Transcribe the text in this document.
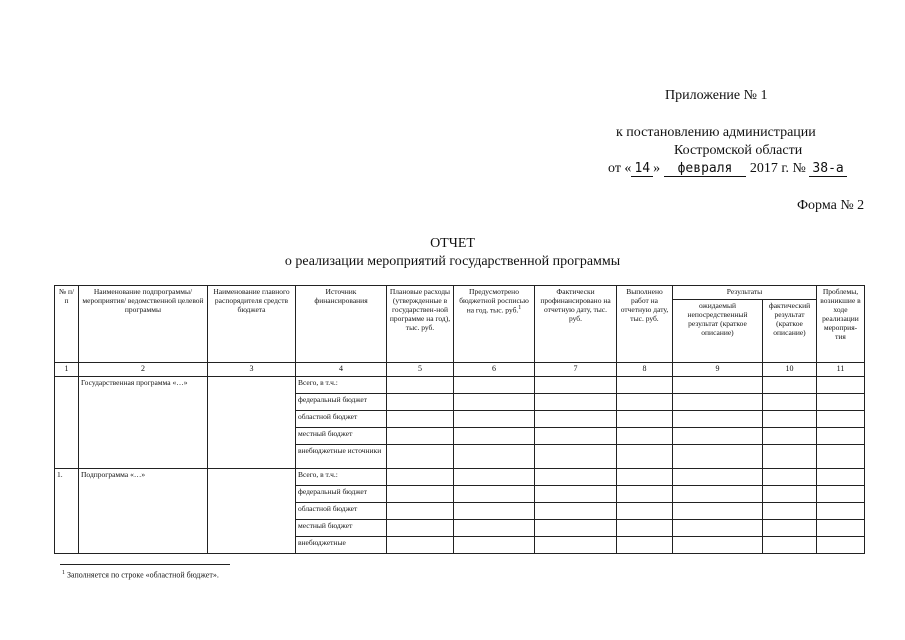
Приложение № 1
к постановлению администрации
Костромской области
от « 14 » февраля 2017 г. № 38-а
Форма № 2
ОТЧЕТ
о реализации мероприятий государственной программы
№ п/п	Наименование подпрограммы/мероприятия/ ведомственной целевой программы	Наименование главного распорядителя средств бюджета	Источник финансирования	Плановые расходы (утвержденные в государствен-ной программе на год), тыс. руб.	Предусмотрено бюджетной росписью на год, тыс. руб.$^1$	Фактически профинансировано на отчетную дату, тыс. руб.	Выполнено работ на отчетную дату, тыс. руб.	Результаты		Проблемы, возникшие в ходе реализации мероприя-тия
								ожидаемый непосредственный результат (краткое описание)	фактический результат (краткое описание)	
1	2	3	4	5	6	7	8	9	10	11
	Государственная программа «…»		Всего, в т.ч.:							
			федеральный бюджет							
			областной бюджет							
			местный бюджет							
			внебюджетные источники							
1.	Подпрограмма «…»		Всего, в т.ч.:							
			федеральный бюджет							
			областной бюджет							
			местный бюджет							
			внебюджетные							
$^1$ Заполняется по строке «областной бюджет».
